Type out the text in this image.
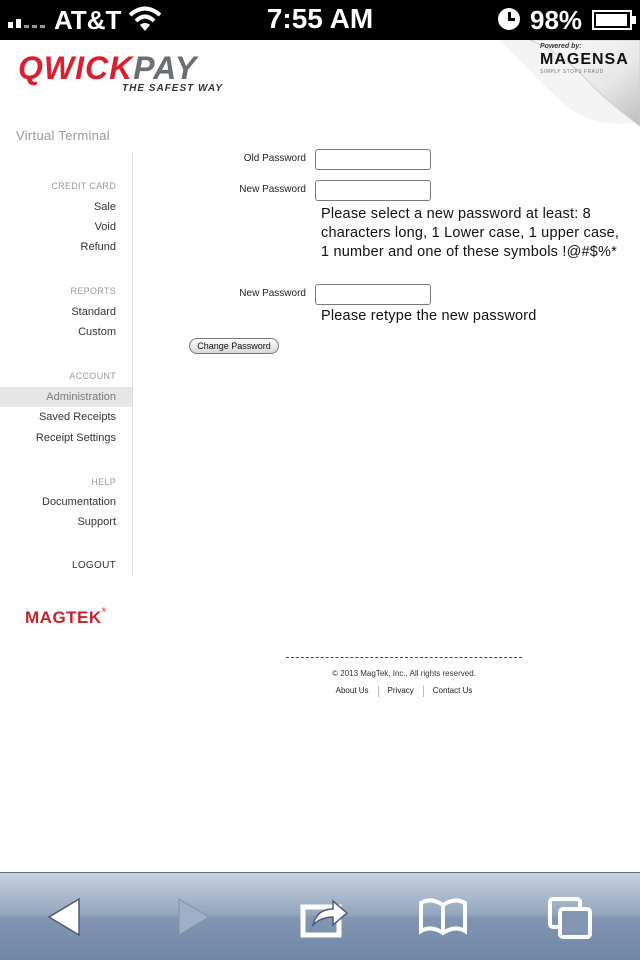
AT&T	7:55 AM	98%
QWICKPAY
THE SAFEST WAY
Powered by:
MAGENSA
SIMPLY STOPS FRAUD
Virtual Terminal
CREDIT CARD
Sale
Void
Refund
REPORTS
Standard
Custom
ACCOUNT
Administration
Saved Receipts
Receipt Settings
HELP
Documentation
Support
LOGOUT
MAGTEK®
Old Password
New Password
Please select a new password at least: 8 characters long, 1 Lower case, 1 upper case, 1 number and one of these symbols !@#$%*
New Password
Please retype the new password
Change Password
© 2013 MagTek, Inc., All rights reserved.
About Us	Privacy	Contact Us
